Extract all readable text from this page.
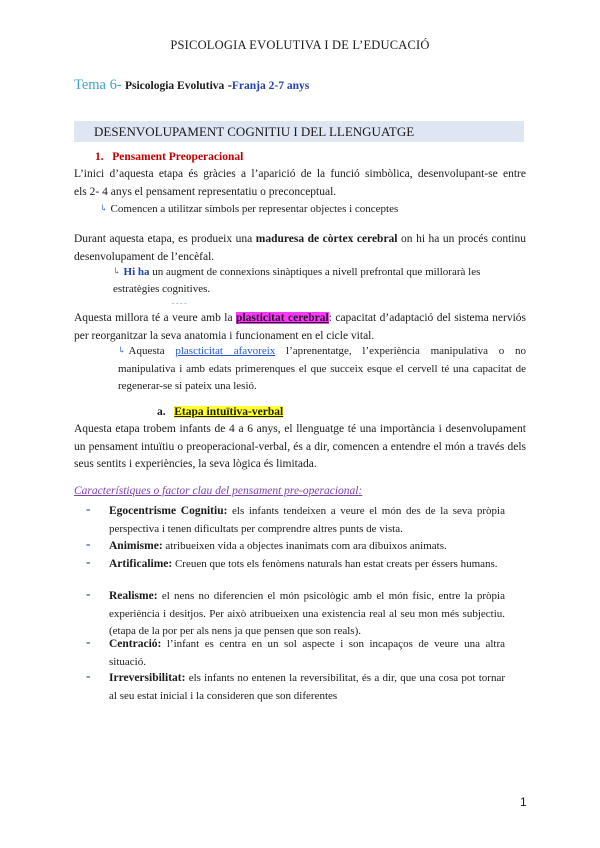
PSICOLOGIA EVOLUTIVA I DE L’EDUCACIÓ
Tema 6- Psicologia Evolutiva -Franja 2-7 anys
DESENVOLUPAMENT COGNITIU I DEL LLENGUATGE
1.   Pensament Preoperacional
L’inici d’aquesta etapa és gràcies a l’aparició de la funció simbòlica, desenvolupant-se entre
els 2- 4 anys el pensament representatiu o preconceptual.
↳ Comencen a utilitzar símbols per representar objectes i conceptes
Durant aquesta etapa, es produeix una maduresa de còrtex cerebral on hi ha un procés continu desenvolupament de l’encèfal.
↳ Hi ha un augment de connexions sinàptiques a nivell prefrontal que millorarà les estratègies cognitives.
- - - -
Aquesta millora té a veure amb la plasticitat cerebral: capacitat d’adaptació del sistema nerviós per reorganitzar la seva anatomia i funcionament en el cicle vital.
↳ Aquesta plascticitat afavoreix l’aprenentatge, l’experiència manipulativa o no manipulativa i amb edats primerenques el que succeix esque el cervell té una capacitat de regenerar-se si pateix una lesió.
a. Etapa intuïtiva-verbal
Aquesta etapa trobem infants de 4 a 6 anys, el llenguatge té una importància i desenvolupament un pensament intuïtiu o preoperacional-verbal, és a dir, comencen a entendre el món a través dels seus sentits i experiències, la seva lògica és limitada.
Característiques o factor clau del pensament pre-operacional:
- Egocentrisme Cognitiu: els infants tendeixen a veure el món des de la seva pròpia perspectiva i tenen dificultats per comprendre altres punts de vista.
- Animisme: atribueixen vida a objectes inanimats com ara dibuixos animats.
- Artificalime: Creuen que tots els fenòmens naturals han estat creats per éssers humans.
- Realisme: el nens no diferencien el món psicològic amb el món físic, entre la pròpia experiència i desitjos. Per això atribueixen una existencia real al seu mon més subjectiu. (etapa de la por per als nens ja que pensen que son reals).
- Centració: l’infant es centra en un sol aspecte i son incapaços de veure una altra situació.
- Irreversibilitat: els infants no entenen la reversibilitat, és a dir, que una cosa pot tornar al seu estat inicial i la consideren que son diferentes
1
